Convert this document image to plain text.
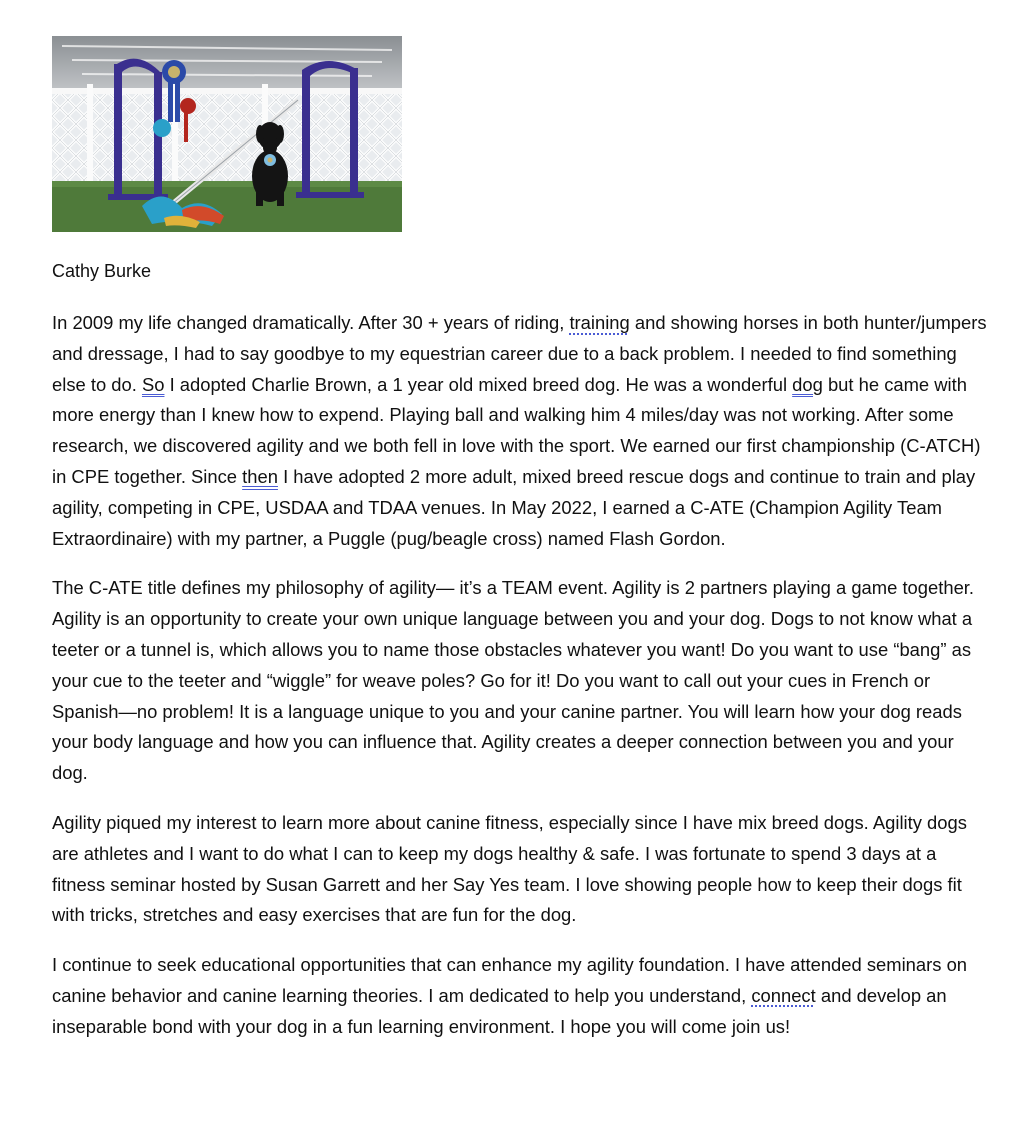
Cathy Burke

In 2009 my life changed dramatically. After 30 + years of riding, training and showing horses in both hunter/jumpers and dressage, I had to say goodbye to my equestrian career due to a back problem. I needed to find something else to do. So I adopted Charlie Brown, a 1 year old mixed breed dog. He was a wonderful dog but he came with more energy than I knew how to expend. Playing ball and walking him 4 miles/day was not working. After some research, we discovered agility and we both fell in love with the sport. We earned our first championship (C-ATCH) in CPE together. Since then I have adopted 2 more adult, mixed breed rescue dogs and continue to train and play agility, competing in CPE, USDAA and TDAA venues. In May 2022, I earned a C-ATE (Champion Agility Team Extraordinaire) with my partner, a Puggle (pug/beagle cross) named Flash Gordon.

The C-ATE title defines my philosophy of agility— it’s a TEAM event. Agility is 2 partners playing a game together. Agility is an opportunity to create your own unique language between you and your dog. Dogs to not know what a teeter or a tunnel is, which allows you to name those obstacles whatever you want! Do you want to use “bang” as your cue to the teeter and “wiggle” for weave poles? Go for it! Do you want to call out your cues in French or Spanish—no problem! It is a language unique to you and your canine partner. You will learn how your dog reads your body language and how you can influence that. Agility creates a deeper connection between you and your dog.

Agility piqued my interest to learn more about canine fitness, especially since I have mix breed dogs. Agility dogs are athletes and I want to do what I can to keep my dogs healthy & safe. I was fortunate to spend 3 days at a fitness seminar hosted by Susan Garrett and her Say Yes team. I love showing people how to keep their dogs fit with tricks, stretches and easy exercises that are fun for the dog.

I continue to seek educational opportunities that can enhance my agility foundation. I have attended seminars on canine behavior and canine learning theories. I am dedicated to help you understand, connect and develop an inseparable bond with your dog in a fun learning environment. I hope you will come join us!
